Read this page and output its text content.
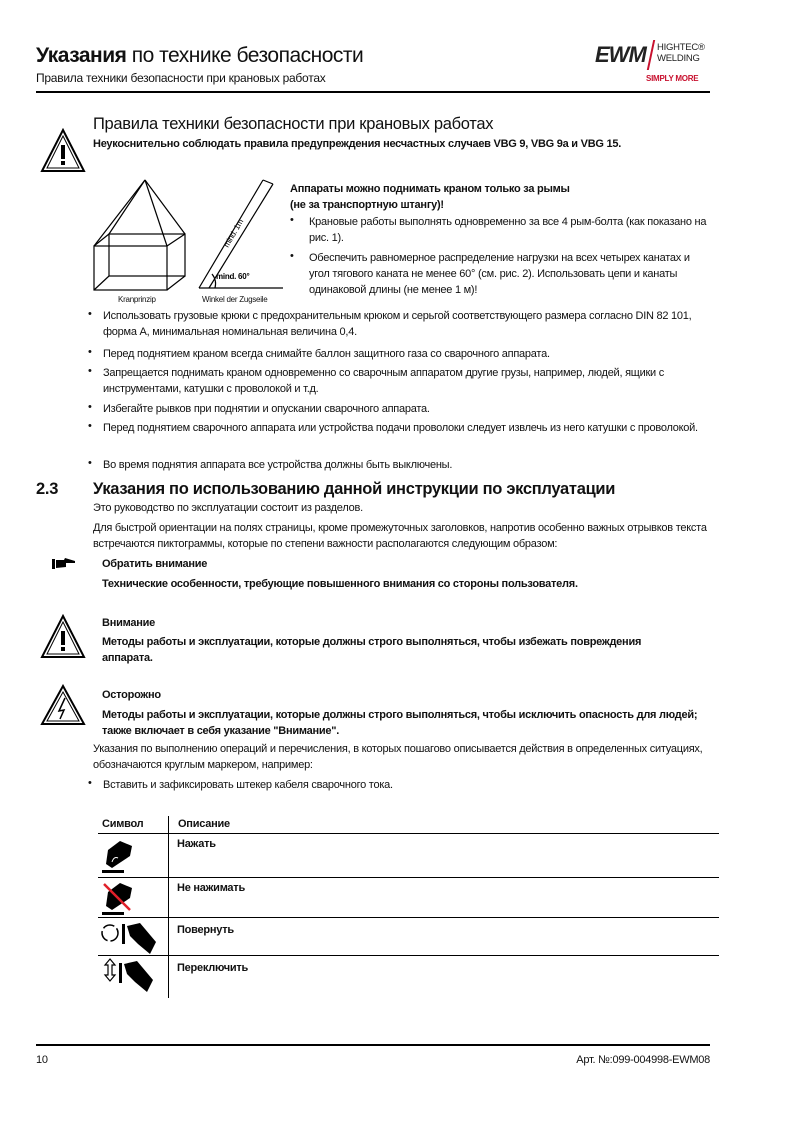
Указания по технике безопасности
Правила техники безопасности при крановых работах
EWM HIGHTEC®
WELDING
SIMPLY MORE
Правила техники безопасности при крановых работах
Неукоснительно соблюдать правила предупреждения несчастных случаев VBG 9, VBG 9a и VBG 15.
mind. 1m
mind. 60°
Kranprinzip	Winkel der Zugseile
Аппараты можно поднимать краном только за рымы
(не за транспортную штангу)!
• Крановые работы выполнять одновременно за все 4 рым-болта (как показано на рис. 1).
• Обеспечить равномерное распределение нагрузки на всех четырех канатах и угол тягового каната не менее 60° (см. рис. 2). Использовать цепи и канаты одинаковой длины (не менее 1 м)!
• Использовать грузовые крюки с предохранительным крюком и серьгой соответствующего размера согласно DIN 82 101, форма A, минимальная номинальная величина 0,4.
• Перед поднятием краном всегда снимайте баллон защитного газа со сварочного аппарата.
• Запрещается поднимать краном одновременно со сварочным аппаратом другие грузы, например, людей, ящики с инструментами, катушки с проволокой и т.д.
• Избегайте рывков при поднятии и опускании сварочного аппарата.
• Перед поднятием сварочного аппарата или устройства подачи проволоки следует извлечь из него катушки с проволокой.
• Во время поднятия аппарата все устройства должны быть выключены.
2.3 Указания по использованию данной инструкции по эксплуатации
Это руководство по эксплуатации состоит из разделов.
Для быстрой ориентации на полях страницы, кроме промежуточных заголовков, напротив особенно важных отрывков текста встречаются пиктограммы, которые по степени важности располагаются следующим образом:
Обратить внимание
Технические особенности, требующие повышенного внимания со стороны пользователя.
Внимание
Методы работы и эксплуатации, которые должны строго выполняться, чтобы избежать повреждения аппарата.
Осторожно
Методы работы и эксплуатации, которые должны строго выполняться, чтобы исключить опасность для людей; также включает в себя указание "Внимание".
Указания по выполнению операций и перечисления, в которых пошагово описывается действия в определенных ситуациях, обозначаются круглым маркером, например:
• Вставить и зафиксировать штекер кабеля сварочного тока.
Символ	Описание
Нажать
Не нажимать
Повернуть
Переключить
10	Арт. №:099-004998-EWM08
